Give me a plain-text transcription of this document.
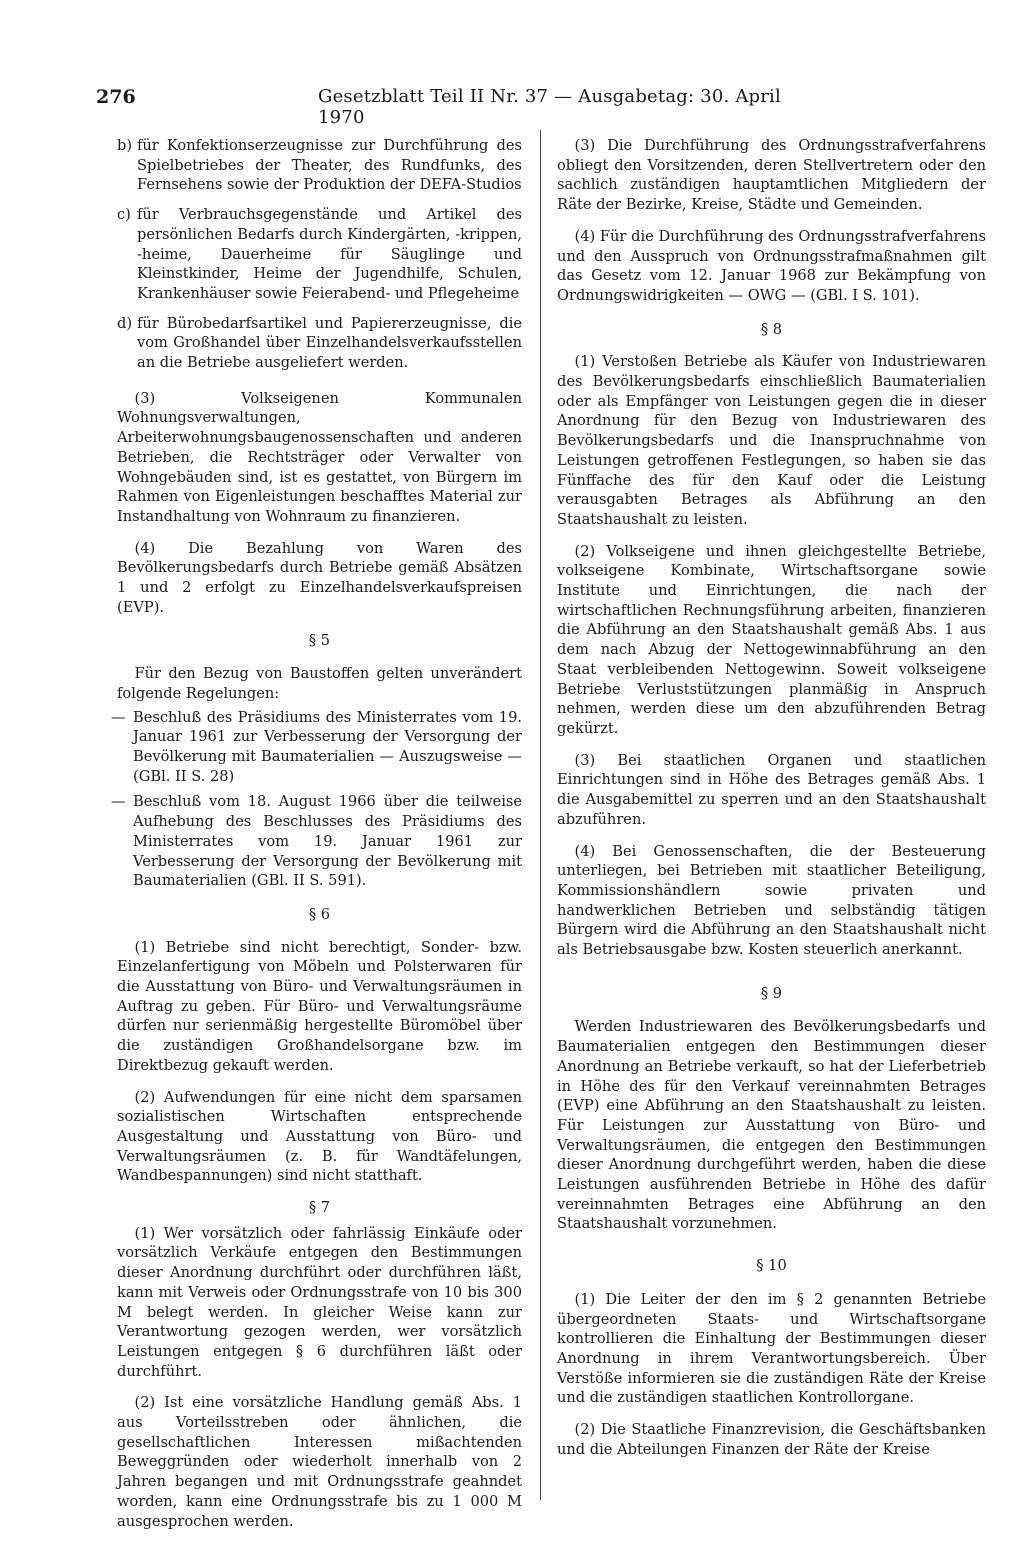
276	Gesetzblatt Teil II Nr. 37 — Ausgabetag: 30. April 1970
b) für Konfektionserzeugnisse zur Durchführung des Spielbetriebes der Theater, des Rundfunks, des Fernsehens sowie der Produktion der DEFA-Studios
c) für Verbrauchsgegenstände und Artikel des persönlichen Bedarfs durch Kindergärten, -krippen, -heime, Dauerheime für Säuglinge und Kleinstkinder, Heime der Jugendhilfe, Schulen, Krankenhäuser sowie Feierabend- und Pflegeheime
d) für Bürobedarfsartikel und Papiererzeugnisse, die vom Großhandel über Einzelhandelsverkaufsstellen an die Betriebe ausgeliefert werden.

(3) Volkseigenen Kommunalen Wohnungsverwaltungen, Arbeiterwohnungsbaugenossenschaften und anderen Betrieben, die Rechtsträger oder Verwalter von Wohngebäuden sind, ist es gestattet, von Bürgern im Rahmen von Eigenleistungen beschafftes Material zur Instandhaltung von Wohnraum zu finanzieren.

(4) Die Bezahlung von Waren des Bevölkerungsbedarfs durch Betriebe gemäß Absätzen 1 und 2 erfolgt zu Einzelhandelsverkaufspreisen (EVP).

§ 5

Für den Bezug von Baustoffen gelten unverändert folgende Regelungen:

— Beschluß des Präsidiums des Ministerrates vom 19. Januar 1961 zur Verbesserung der Versorgung der Bevölkerung mit Baumaterialien — Auszugsweise — (GBl. II S. 28)
— Beschluß vom 18. August 1966 über die teilweise Aufhebung des Beschlusses des Präsidiums des Ministerrates vom 19. Januar 1961 zur Verbesserung der Versorgung der Bevölkerung mit Baumaterialien (GBl. II S. 591).
§ 6

(1) Betriebe sind nicht berechtigt, Sonder- bzw. Einzelanfertigung von Möbeln und Polsterwaren für die Ausstattung von Büro- und Verwaltungsräumen in Auftrag zu geben. Für Büro- und Verwaltungsräume dürfen nur serienmäßig hergestellte Büromöbel über die zuständigen Großhandelsorgane bzw. im Direktbezug gekauft werden.

(2) Aufwendungen für eine nicht dem sparsamen sozialistischen Wirtschaften entsprechende Ausgestaltung und Ausstattung von Büro- und Verwaltungsräumen (z. B. für Wandtäfelungen, Wandbespannungen) sind nicht statthaft.

§ 7

(1) Wer vorsätzlich oder fahrlässig Einkäufe oder vorsätzlich Verkäufe entgegen den Bestimmungen dieser Anordnung durchführt oder durchführen läßt, kann mit Verweis oder Ordnungsstrafe von 10 bis 300 M belegt werden. In gleicher Weise kann zur Verantwortung gezogen werden, wer vorsätzlich Leistungen entgegen § 6 durchführen läßt oder durchführt.

(2) Ist eine vorsätzliche Handlung gemäß Abs. 1 aus Vorteilsstreben oder ähnlichen, die gesellschaftlichen Interessen mißachtenden Beweggründen oder wiederholt innerhalb von 2 Jahren begangen und mit Ordnungsstrafe geahndet worden, kann eine Ordnungsstrafe bis zu 1 000 M ausgesprochen werden.

(3) Die Durchführung des Ordnungsstrafverfahrens obliegt den Vorsitzenden, deren Stellvertretern oder den sachlich zuständigen hauptamtlichen Mitgliedern der Räte der Bezirke, Kreise, Städte und Gemeinden.

(4) Für die Durchführung des Ordnungsstrafverfahrens und den Ausspruch von Ordnungsstrafmaßnahmen gilt das Gesetz vom 12. Januar 1968 zur Bekämpfung von Ordnungswidrigkeiten — OWG — (GBl. I S. 101).

§ 8

(1) Verstoßen Betriebe als Käufer von Industriewaren des Bevölkerungsbedarfs einschließlich Baumaterialien oder als Empfänger von Leistungen gegen die in dieser Anordnung für den Bezug von Industriewaren des Bevölkerungsbedarfs und die Inanspruchnahme von Leistungen getroffenen Festlegungen, so haben sie das Fünffache des für den Kauf oder die Leistung verausgabten Betrages als Abführung an den Staatshaushalt zu leisten.

(2) Volkseigene und ihnen gleichgestellte Betriebe, volkseigene Kombinate, Wirtschaftsorgane sowie Institute und Einrichtungen, die nach der wirtschaftlichen Rechnungsführung arbeiten, finanzieren die Abführung an den Staatshaushalt gemäß Abs. 1 aus dem nach Abzug der Nettogewinnabführung an den Staat verbleibenden Nettogewinn. Soweit volkseigene Betriebe Verluststützungen planmäßig in Anspruch nehmen, werden diese um den abzuführenden Betrag gekürzt.

(3) Bei staatlichen Organen und staatlichen Einrichtungen sind in Höhe des Betrages gemäß Abs. 1 die Ausgabemittel zu sperren und an den Staatshaushalt abzuführen.

(4) Bei Genossenschaften, die der Besteuerung unterliegen, bei Betrieben mit staatlicher Beteiligung, Kommissionshändlern sowie privaten und handwerklichen Betrieben und selbständig tätigen Bürgern wird die Abführung an den Staatshaushalt nicht als Betriebsausgabe bzw. Kosten steuerlich anerkannt.

§ 9

Werden Industriewaren des Bevölkerungsbedarfs und Baumaterialien entgegen den Bestimmungen dieser Anordnung an Betriebe verkauft, so hat der Lieferbetrieb in Höhe des für den Verkauf vereinnahmten Betrages (EVP) eine Abführung an den Staatshaushalt zu leisten. Für Leistungen zur Ausstattung von Büro- und Verwaltungsräumen, die entgegen den Bestimmungen dieser Anordnung durchgeführt werden, haben die diese Leistungen ausführenden Betriebe in Höhe des dafür vereinnahmten Betrages eine Abführung an den Staatshaushalt vorzunehmen.

§ 10

(1) Die Leiter der den im § 2 genannten Betriebe übergeordneten Staats- und Wirtschaftsorgane kontrollieren die Einhaltung der Bestimmungen dieser Anordnung in ihrem Verantwortungsbereich. Über Verstöße informieren sie die zuständigen Räte der Kreise und die zuständigen staatlichen Kontrollorgane.

(2) Die Staatliche Finanzrevision, die Geschäftsbanken und die Abteilungen Finanzen der Räte der Kreise
